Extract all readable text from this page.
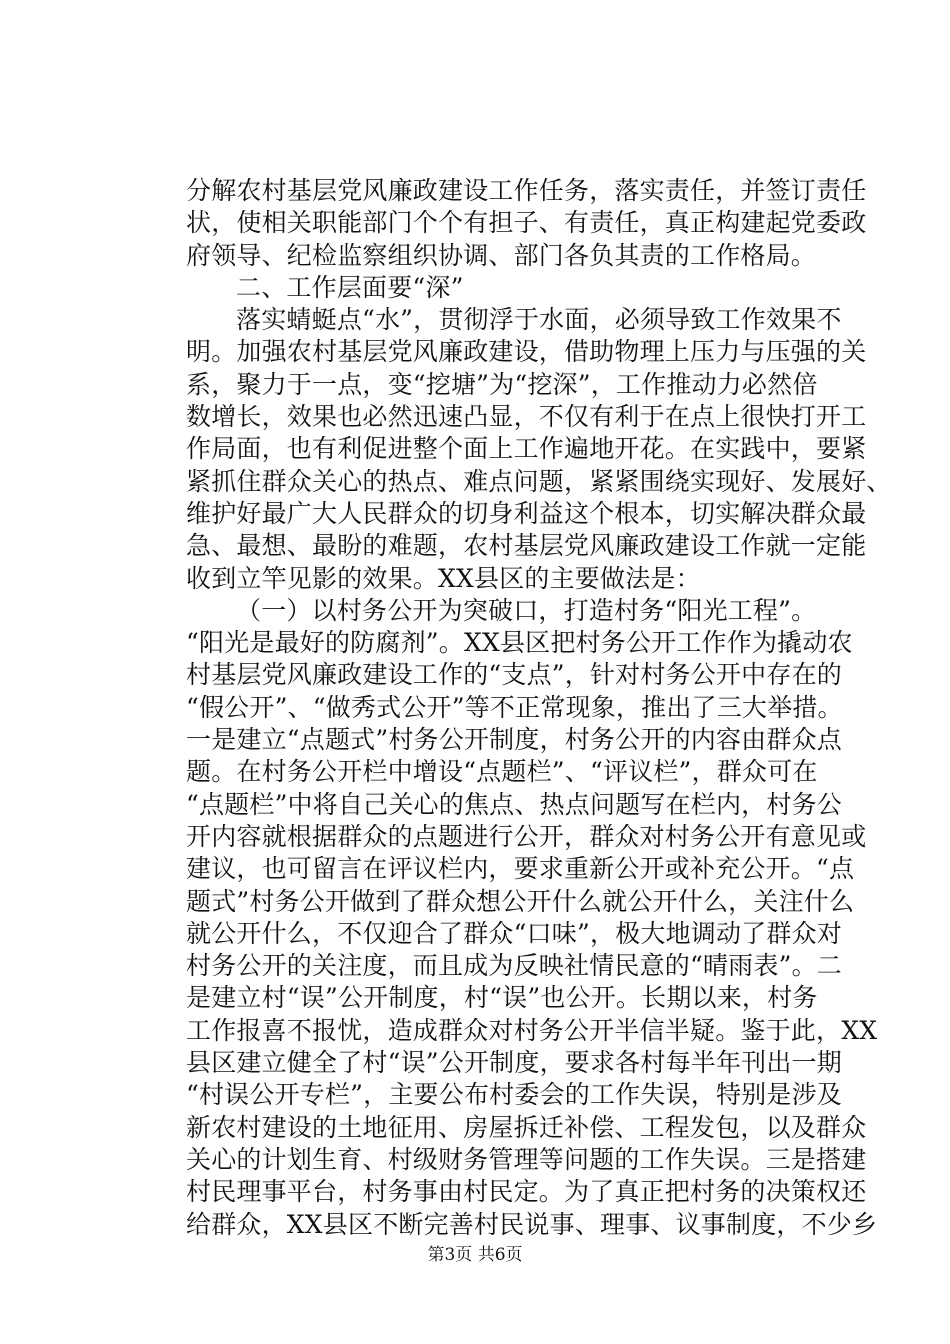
分解农村基层党风廉政建设工作任务，落实责任，并签订责任
状，使相关职能部门个个有担子、有责任，真正构建起党委政
府领导、纪检监察组织协调、部门各负其责的工作格局。
二、工作层面要“深”
落实蜻蜓点“水”，贯彻浮于水面，必须导致工作效果不
明。加强农村基层党风廉政建设，借助物理上压力与压强的关
系，聚力于一点，变“挖塘”为“挖深”，工作推动力必然倍
数增长，效果也必然迅速凸显，不仅有利于在点上很快打开工
作局面，也有利促进整个面上工作遍地开花。在实践中，要紧
紧抓住群众关心的热点、难点问题，紧紧围绕实现好、发展好、
维护好最广大人民群众的切身利益这个根本，切实解决群众最
急、最想、最盼的难题，农村基层党风廉政建设工作就一定能
收到立竿见影的效果。XX县区的主要做法是：
（一）以村务公开为突破口，打造村务“阳光工程”。
“阳光是最好的防腐剂”。XX县区把村务公开工作作为撬动农
村基层党风廉政建设工作的“支点”，针对村务公开中存在的
“假公开”、“做秀式公开”等不正常现象，推出了三大举措。
一是建立“点题式”村务公开制度，村务公开的内容由群众点
题。在村务公开栏中增设“点题栏”、“评议栏”，群众可在
“点题栏”中将自己关心的焦点、热点问题写在栏内，村务公
开内容就根据群众的点题进行公开，群众对村务公开有意见或
建议，也可留言在评议栏内，要求重新公开或补充公开。“点
题式”村务公开做到了群众想公开什么就公开什么，关注什么
就公开什么，不仅迎合了群众“口味”，极大地调动了群众对
村务公开的关注度，而且成为反映社情民意的“晴雨表”。二
是建立村“误”公开制度，村“误”也公开。长期以来，村务
工作报喜不报忧，造成群众对村务公开半信半疑。鉴于此，XX
县区建立健全了村“误”公开制度，要求各村每半年刊出一期
“村误公开专栏”，主要公布村委会的工作失误，特别是涉及
新农村建设的土地征用、房屋拆迁补偿、工程发包，以及群众
关心的计划生育、村级财务管理等问题的工作失误。三是搭建
村民理事平台，村务事由村民定。为了真正把村务的决策权还
给群众，XX县区不断完善村民说事、理事、议事制度，不少乡
第3页 共6页
